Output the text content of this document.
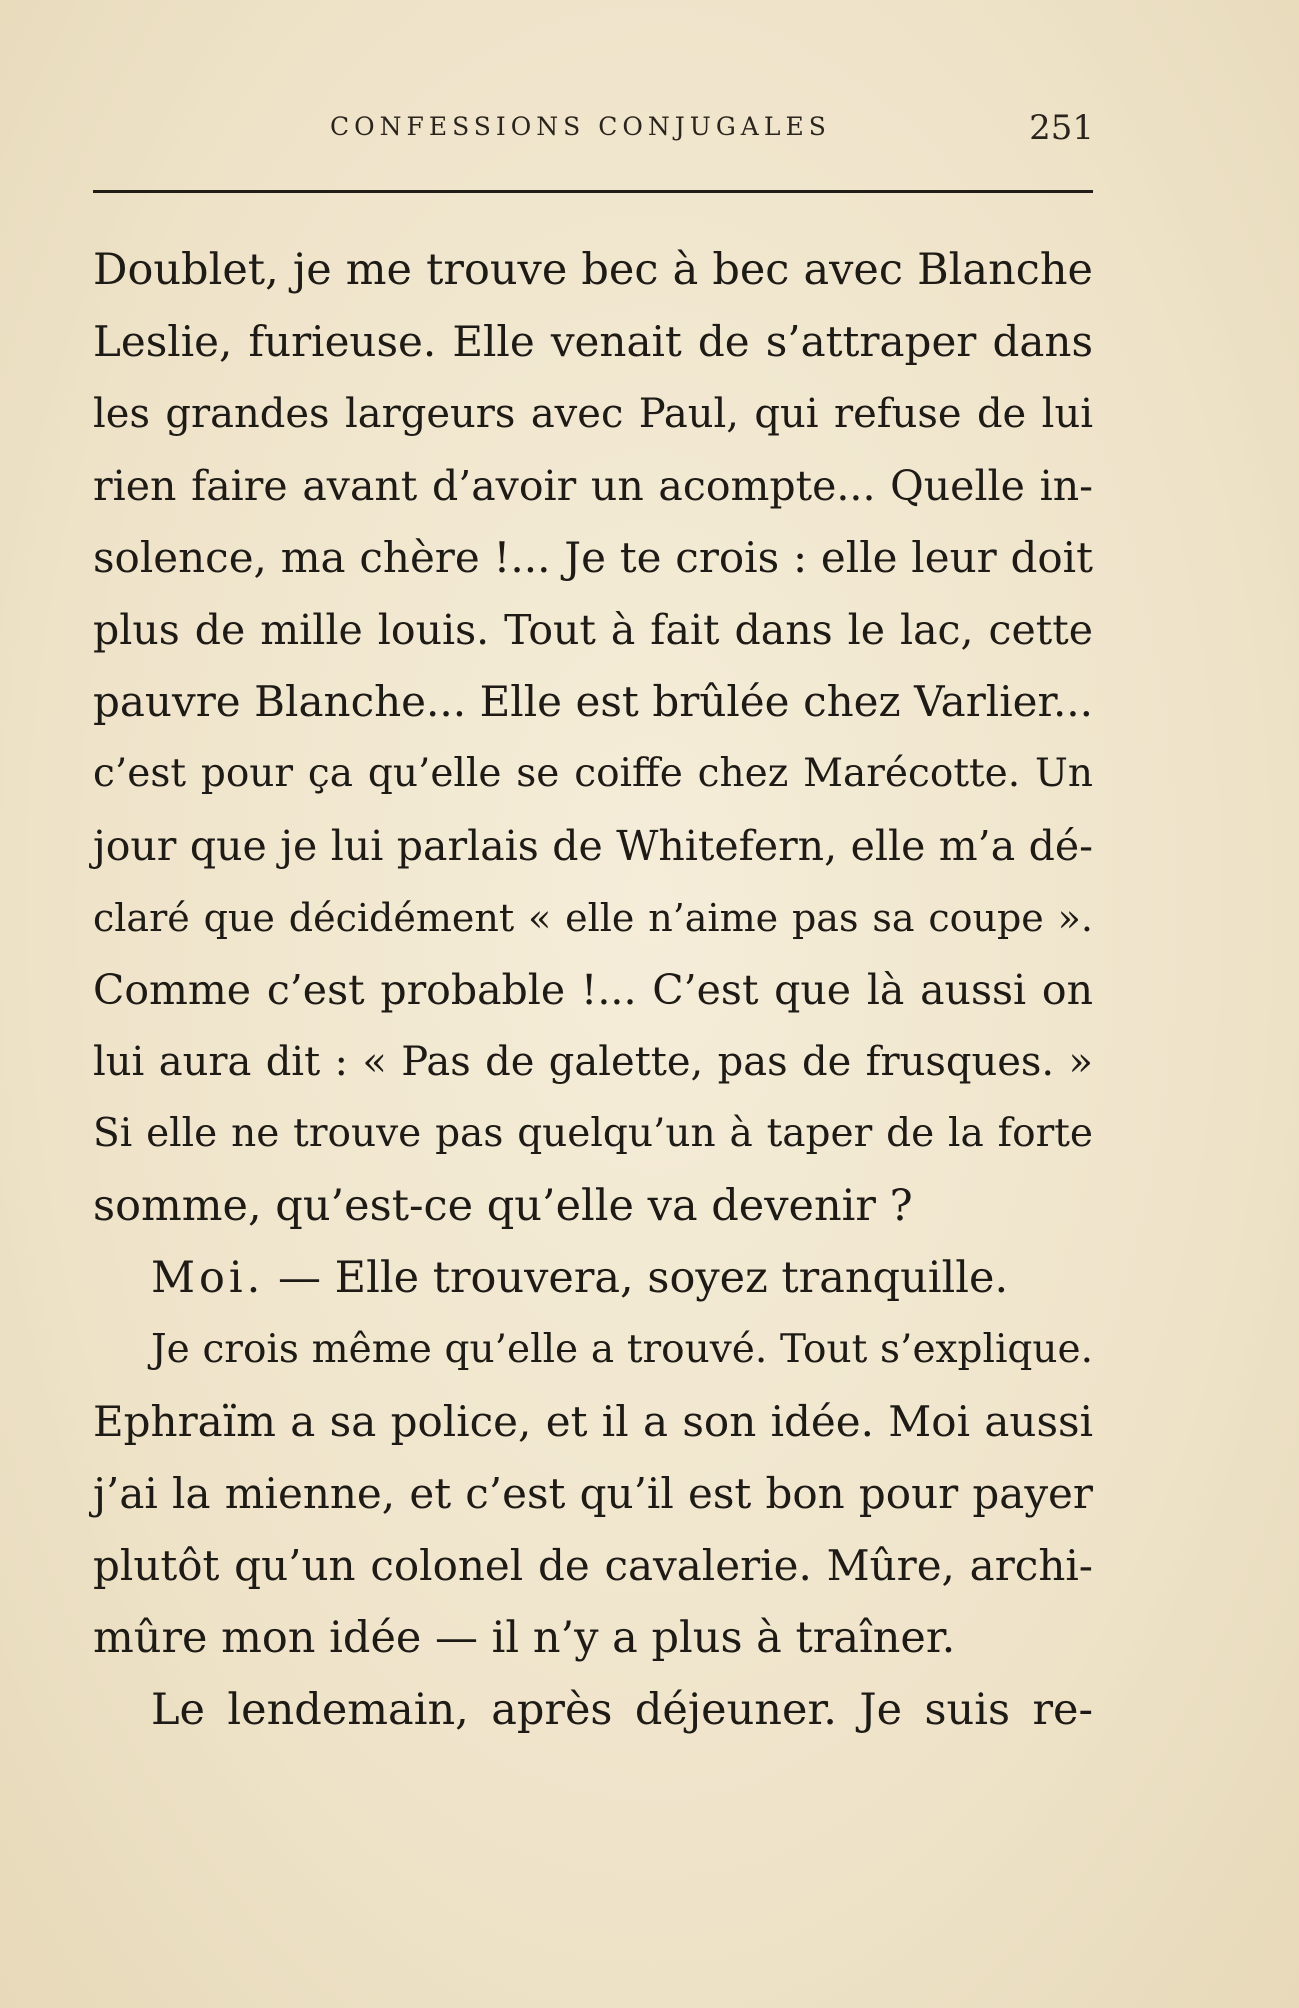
CONFESSIONS CONJUGALES	251
Doublet, je me trouve bec à bec avec Blanche
Leslie, furieuse. Elle venait de s’attraper dans
les grandes largeurs avec Paul, qui refuse de lui
rien faire avant d’avoir un acompte... Quelle in-
solence, ma chère !... Je te crois : elle leur doit
plus de mille louis. Tout à fait dans le lac, cette
pauvre Blanche... Elle est brûlée chez Varlier...
c’est pour ça qu’elle se coiffe chez Marécotte. Un
jour que je lui parlais de Whitefern, elle m’a dé-
claré que décidément « elle n’aime pas sa coupe ».
Comme c’est probable !... C’est que là aussi on
lui aura dit : « Pas de galette, pas de frusques. »
Si elle ne trouve pas quelqu’un à taper de la forte
somme, qu’est-ce qu’elle va devenir ?
Moi. — Elle trouvera, soyez tranquille.
Je crois même qu’elle a trouvé. Tout s’explique.
Ephraïm a sa police, et il a son idée. Moi aussi
j’ai la mienne, et c’est qu’il est bon pour payer
plutôt qu’un colonel de cavalerie. Mûre, archi-
mûre mon idée — il n’y a plus à traîner.
Le lendemain, après déjeuner. Je suis re-
